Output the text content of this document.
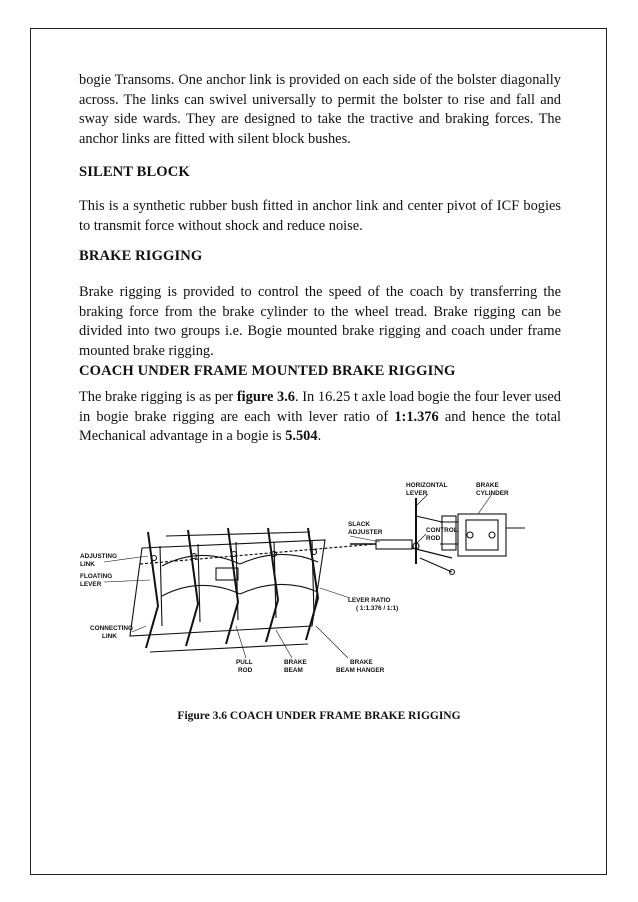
bogie Transoms. One anchor link is provided on each side of the bolster diagonally across. The links can swivel universally to permit the bolster to rise and fall and sway side wards. They are designed to take the tractive and braking forces. The anchor links are fitted with silent block bushes.

SILENT BLOCK

This is a synthetic rubber bush fitted in anchor link and center pivot of ICF bogies to transmit force without shock and reduce noise.

BRAKE RIGGING

Brake rigging is provided to control the speed of the coach by transferring the braking force from the brake cylinder to the wheel tread. Brake rigging can be divided into two groups i.e. Bogie mounted brake rigging and coach under frame mounted brake rigging.

COACH UNDER FRAME MOUNTED BRAKE RIGGING

The brake rigging is as per figure 3.6. In 16.25 t axle load bogie the four lever used in bogie brake rigging are each with lever ratio of 1:1.376 and hence the total Mechanical advantage in a bogie is 5.504.

HORIZONTAL
LEVER
BRAKE
CYLINDER
SLACK
ADJUSTER	CONTROL
ROD
ADJUSTING
LINK
FLOATING
LEVER
LEVER RATIO
( 1:1.376 / 1:1)
CONNECTING
LINK
PULL
ROD
BRAKE
BEAM
BRAKE
BEAM HANGER

Figure 3.6 COACH UNDER FRAME BRAKE RIGGING
